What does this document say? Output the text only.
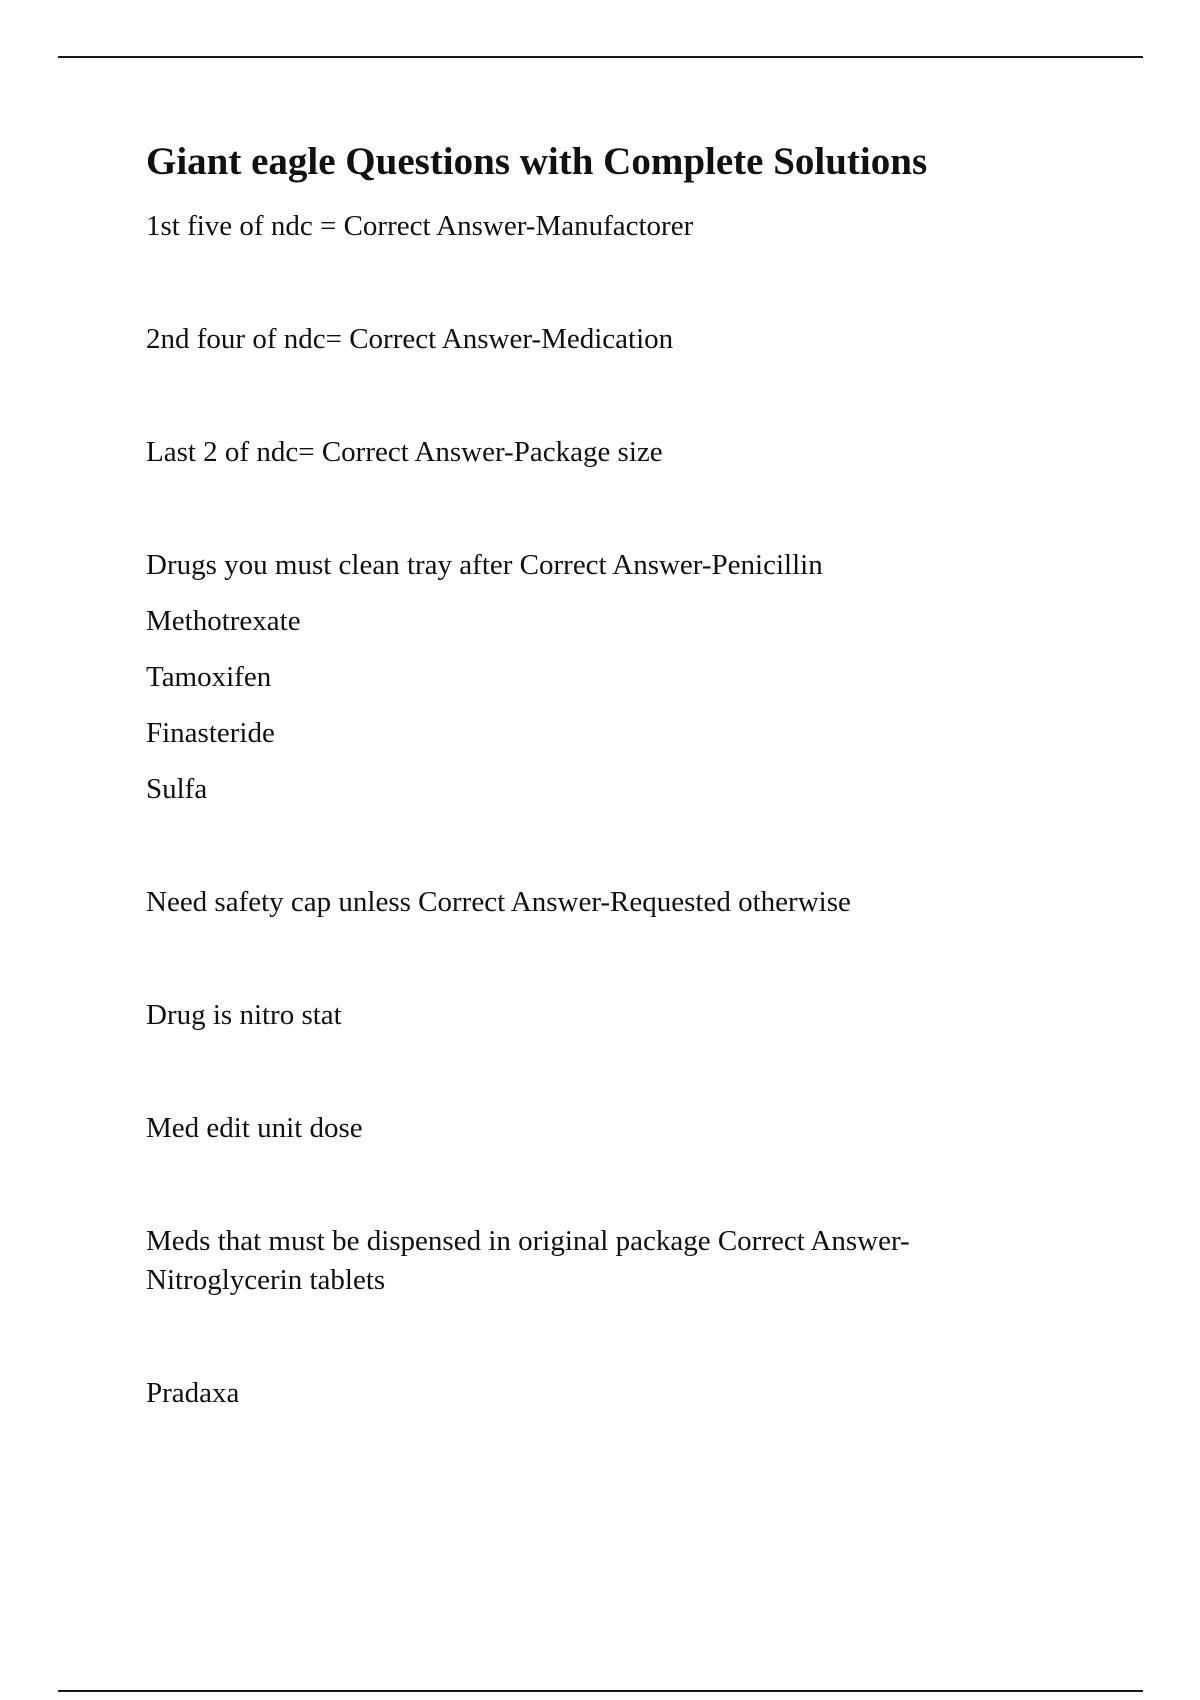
Giant eagle Questions with Complete Solutions

1st five of ndc = Correct Answer-Manufactorer

2nd four of ndc= Correct Answer-Medication

Last 2 of ndc= Correct Answer-Package size

Drugs you must clean tray after Correct Answer-Penicillin

Methotrexate

Tamoxifen

Finasteride

Sulfa

Need safety cap unless Correct Answer-Requested otherwise

Drug is nitro stat

Med edit unit dose

Meds that must be dispensed in original package Correct Answer-

Nitroglycerin tablets

Pradaxa
